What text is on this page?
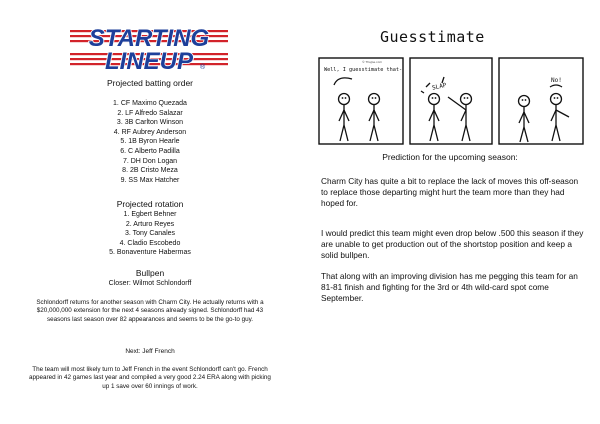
STARTING
LINEUP ®
Projected batting order
1. CF Maximo Quezada
2. LF Alfredo Salazar
3. 3B Carlton Winson
4. RF Aubrey Anderson
5. 1B Byron Hearle
6. C Alberto Padilla
7. DH Don Logan
8. 2B Cristo Meza
9. SS Max Hatcher
Projected rotation
1. Egbert Behner
2. Arturo Reyes
3. Tony Canales
4. Cladio Escobedo
5. Bonaventure Habermas
Bullpen
Closer: Wilmot Schlondorff
Schlondorff returns for another season with Charm City. He actually returns with a $20,000,000 extension for the next 4 seasons already signed. Schlondorff had 43 seasons last season over 82 appearances and seems to be the go-to guy.
Next: Jeff French
The team will most likely turn to Jeff French in the event Schlondorff can't go. French appeared in 42 games last year and compiled a very good 2.24 ERA along with picking up 1 save over 60 innings of work.
Guesstimate
Well, I guesstimate that-
© TheJoe.com
SLAP
No!
Prediction for the upcoming season:
Charm City has quite a bit to replace the lack of moves this off-season to replace those departing might hurt the team more than they had hoped for.
I would predict this team might even drop below .500 this season if they are unable to get production out of the shortstop position and keep a solid bullpen.
That along with an improving division has me pegging this team for an 81-81 finish and fighting for the 3rd or 4th wild-card spot come September.
